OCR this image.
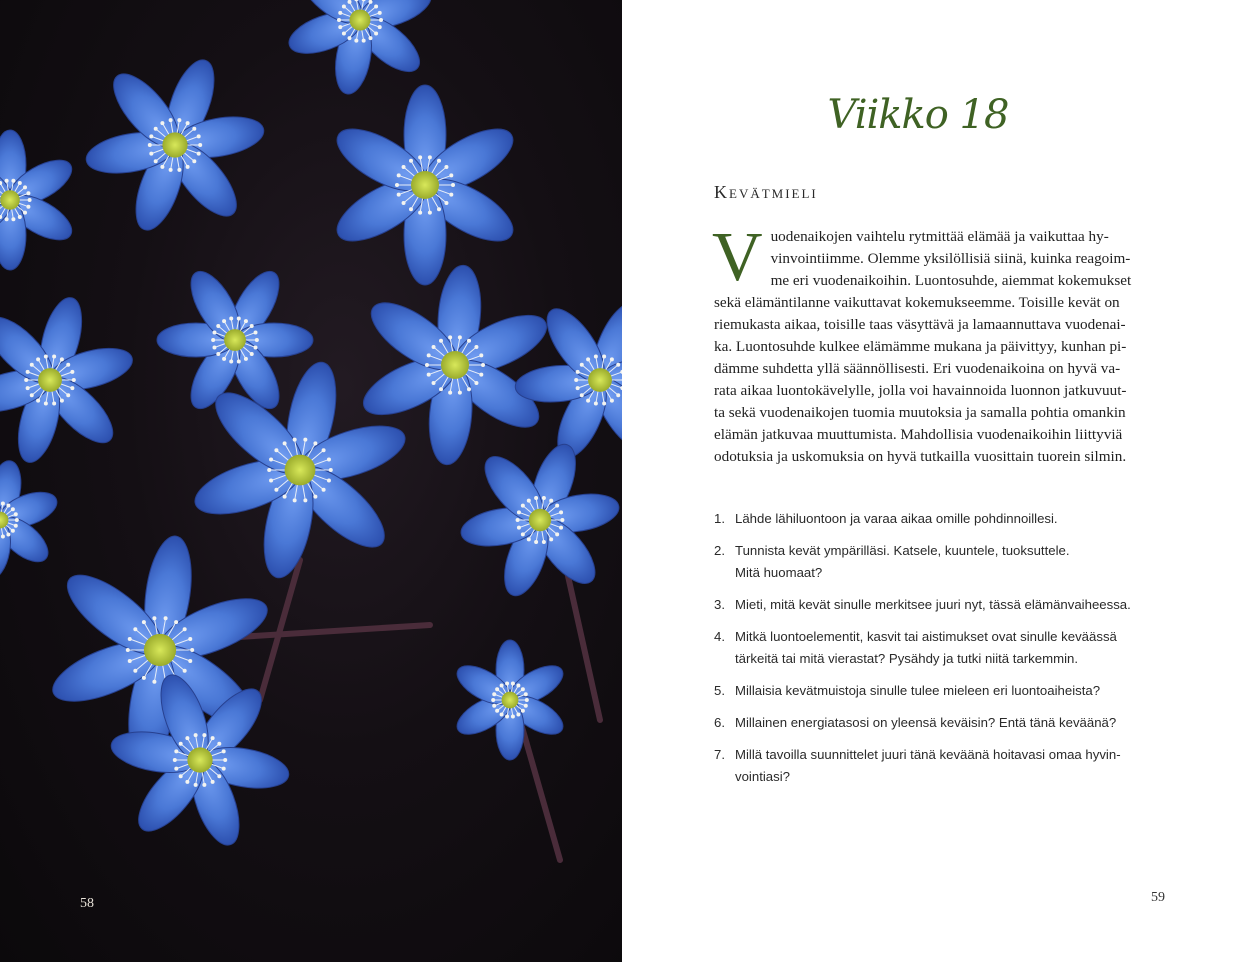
58
Viikko 18
Kevätmieli
V uodenaikojen vaihtelu rytmittää elämää ja vaikuttaa hy-
vinvointiimme. Olemme yksilöllisiä siinä, kuinka reagoim-
me eri vuodenaikoihin. Luontosuhde, aiemmat kokemukset
sekä elämäntilanne vaikuttavat kokemukseemme. Toisille kevät on
riemukasta aikaa, toisille taas väsyttävä ja lamaannuttava vuodenai-
ka. Luontosuhde kulkee elämämme mukana ja päivittyy, kunhan pi-
dämme suhdetta yllä säännöllisesti. Eri vuodenaikoina on hyvä va-
rata aikaa luontokävelylle, jolla voi havainnoida luonnon jatkuvuut-
ta sekä vuodenaikojen tuomia muutoksia ja samalla pohtia omankin
elämän jatkuvaa muuttumista. Mahdollisia vuodenaikoihin liittyviä
odotuksia ja uskomuksia on hyvä tutkailla vuosittain tuorein silmin.
1. Lähde lähiluontoon ja varaa aikaa omille pohdinnoillesi.
2. Tunnista kevät ympärilläsi. Katsele, kuuntele, tuoksuttele.
Mitä huomaat?
3. Mieti, mitä kevät sinulle merkitsee juuri nyt, tässä elämänvaiheessa.
4. Mitkä luontoelementit, kasvit tai aistimukset ovat sinulle keväässä
tärkeitä tai mitä vierastat? Pysähdy ja tutki niitä tarkemmin.
5. Millaisia kevätmuistoja sinulle tulee mieleen eri luontoaiheista?
6. Millainen energiatasosi on yleensä keväisin? Entä tänä keväänä?
7. Millä tavoilla suunnittelet juuri tänä keväänä hoitavasi omaa hyvin-
vointiasi?
59
